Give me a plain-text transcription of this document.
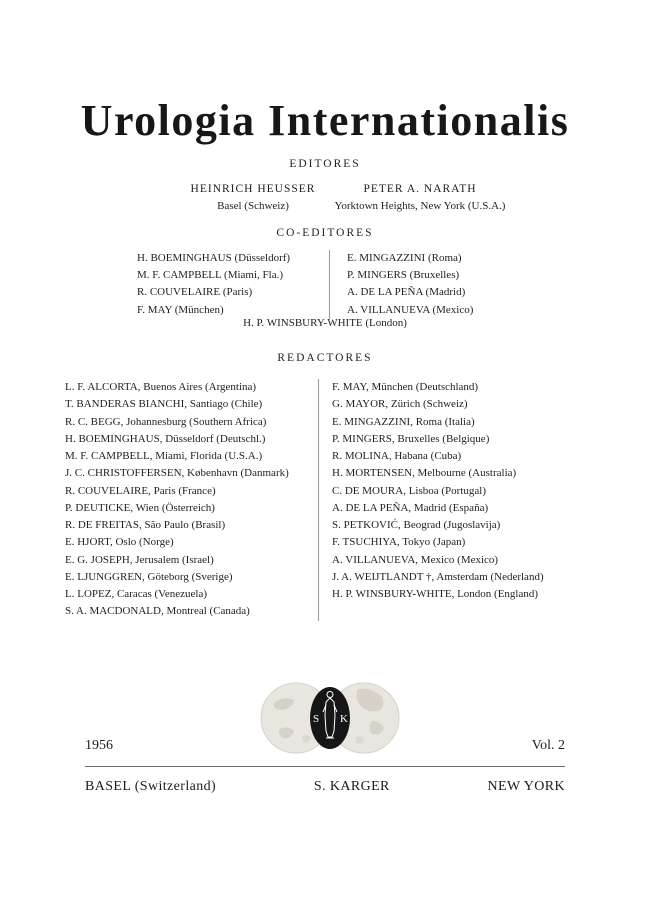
Urologia Internationalis
EDITORES
HEINRICH HEUSSER
Basel (Schweiz)
PETER A. NARATH
Yorktown Heights, New York (U.S.A.)
CO-EDITORES
H. BOEMINGHAUS (Düsseldorf)
M. F. CAMPBELL (Miami, Fla.)
R. COUVELAIRE (Paris)
F. MAY (München)
E. MINGAZZINI (Roma)
P. MINGERS (Bruxelles)
A. DE LA PEÑA (Madrid)
A. VILLANUEVA (Mexico)
H. P. WINSBURY-WHITE (London)
REDACTORES
L. F. ALCORTA, Buenos Aires (Argentina)
T. BANDERAS BIANCHI, Santiago (Chile)
R. C. BEGG, Johannesburg (Southern Africa)
H. BOEMINGHAUS, Düsseldorf (Deutschl.)
M. F. CAMPBELL, Miami, Florida (U.S.A.)
J. C. CHRISTOFFERSEN, København (Danmark)
R. COUVELAIRE, Paris (France)
P. DEUTICKE, Wien (Österreich)
R. DE FREITAS, São Paulo (Brasil)
E. HJORT, Oslo (Norge)
E. G. JOSEPH, Jerusalem (Israel)
E. LJUNGGREN, Göteborg (Sverige)
L. LOPEZ, Caracas (Venezuela)
S. A. MACDONALD, Montreal (Canada)
F. MAY, München (Deutschland)
G. MAYOR, Zürich (Schweiz)
E. MINGAZZINI, Roma (Italia)
P. MINGERS, Bruxelles (Belgique)
R. MOLINA, Habana (Cuba)
H. MORTENSEN, Melbourne (Australia)
C. DE MOURA, Lisboa (Portugal)
A. DE LA PEÑA, Madrid (España)
S. PETKOVIĆ, Beograd (Jugoslavija)
F. TSUCHIYA, Tokyo (Japan)
A. VILLANUEVA, Mexico (Mexico)
J. A. WEIJTLANDT †, Amsterdam (Nederland)
H. P. WINSBURY-WHITE, London (England)
S K
1956	Vol. 2
BASEL (Switzerland)	S. KARGER	NEW YORK
